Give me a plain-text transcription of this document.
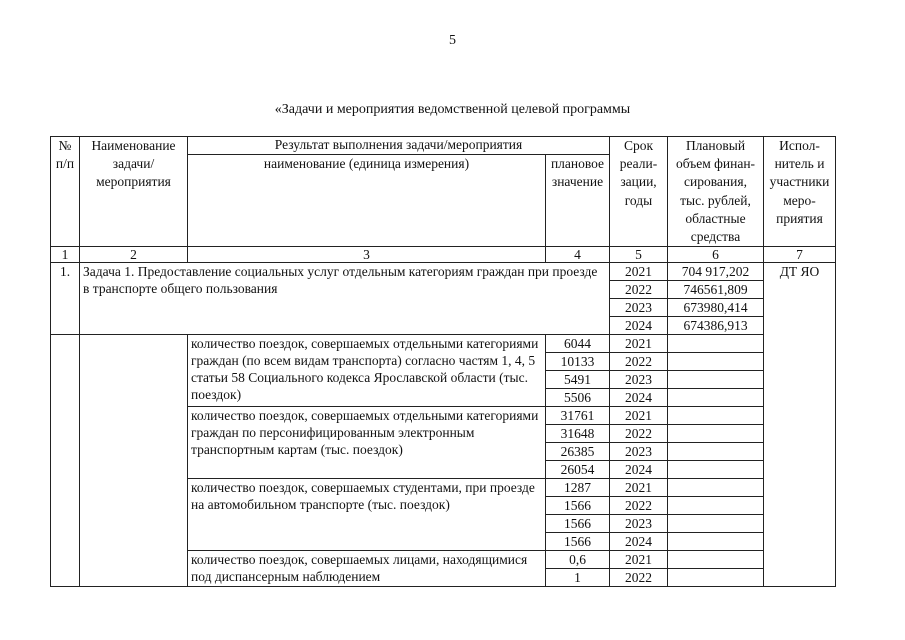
5
«Задачи и мероприятия ведомственной целевой программы
№ п/п	Наименование задачи/ мероприятия	Результат выполнения задачи/мероприятия		Срок реали- зации, годы	Плановый объем финан- сирования, тыс. рублей, областные средства	Испол- нитель и участники меро- приятия
		наименование (единица измерения)	плановое значение			
1	2	3	4	5	6	7
1.	Задача 1. Предоставление социальных услуг отдельным категориям граждан при проезде в транспорте общего пользования			2021	704 917,202	ДТ ЯО
				2022	746561,809	
				2023	673980,414	
				2024	674386,913	
		количество поездок, совершаемых отдельными категориями граждан (по всем видам транспорта) согласно частям 1, 4, 5 статьи 58 Социального кодекса Ярославской области (тыс. поездок)	6044	2021		
			10133	2022		
			5491	2023		
			5506	2024		
		количество поездок, совершаемых отдельными категориями граждан по персонифицированным электронным транспортным картам (тыс. поездок)	31761	2021		
			31648	2022		
			26385	2023		
			26054	2024		
		количество поездок, совершаемых студентами, при проезде на автомобильном транспорте (тыс. поездок)	1287	2021		
			1566	2022		
			1566	2023		
			1566	2024		
		количество поездок, совершаемых лицами, находящимися под диспансерным наблюдением	0,6	2021		
			1	2022		
